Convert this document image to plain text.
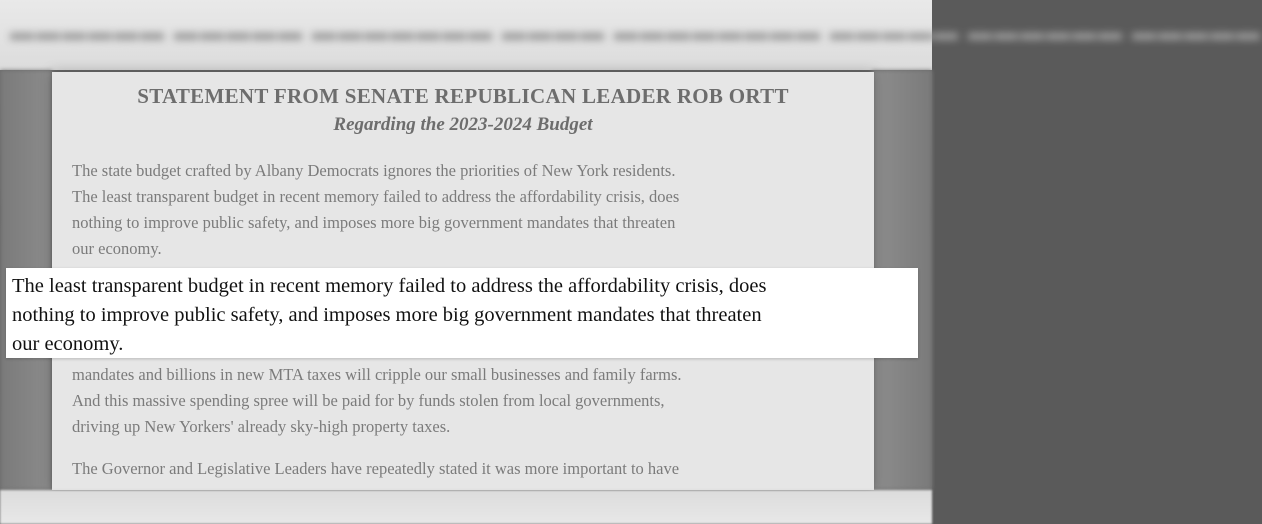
▬▬▬▬▬▬ ▬▬▬▬▬ ▬▬▬▬▬▬▬ ▬▬▬▬ ▬▬▬▬▬▬▬▬ ▬▬▬▬▬ ▬▬▬▬▬▬ ▬▬▬▬▬
STATEMENT FROM SENATE REPUBLICAN LEADER ROB ORTT
Regarding the 2023-2024 Budget
The state budget crafted by Albany Democrats ignores the priorities of New York residents.
The least transparent budget in recent memory failed to address the affordability crisis, does
nothing to improve public safety, and imposes more big government mandates that threaten
our economy.
mandates and billions in new MTA taxes will cripple our small businesses and family farms.
And this massive spending spree will be paid for by funds stolen from local governments,
driving up New Yorkers' already sky-high property taxes.
The Governor and Legislative Leaders have repeatedly stated it was more important to have
The least transparent budget in recent memory failed to address the affordability crisis, does
nothing to improve public safety, and imposes more big government mandates that threaten
our economy.
